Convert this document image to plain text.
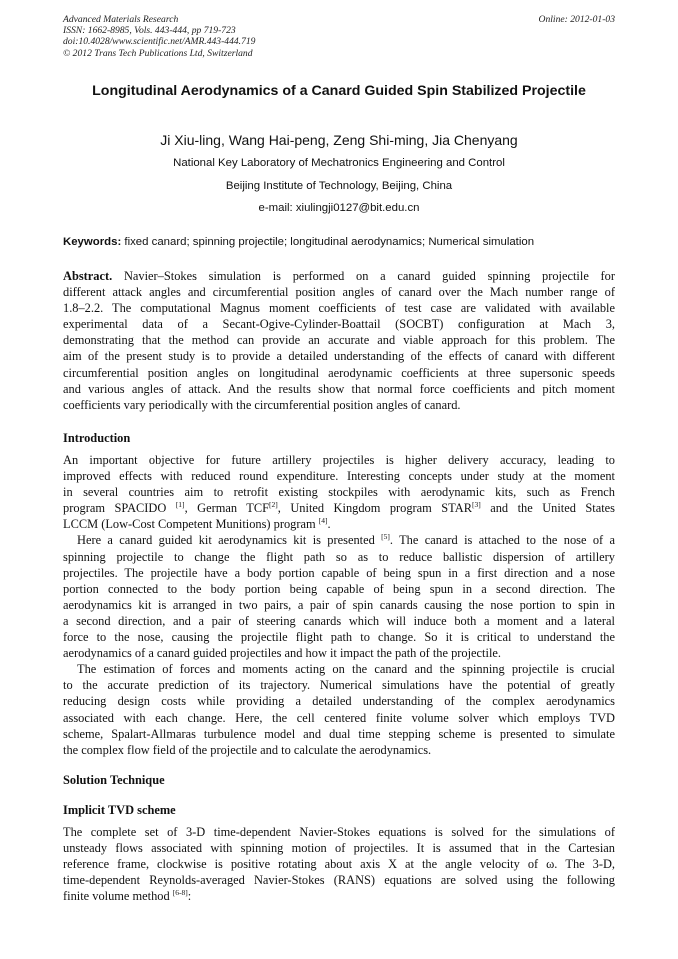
Advanced Materials Research
ISSN: 1662-8985, Vols. 443-444, pp 719-723
doi:10.4028/www.scientific.net/AMR.443-444.719
© 2012 Trans Tech Publications Ltd, Switzerland
Online: 2012-01-03
Longitudinal Aerodynamics of a Canard Guided Spin Stabilized Projectile
Ji Xiu-ling, Wang Hai-peng, Zeng Shi-ming, Jia Chenyang
National Key Laboratory of Mechatronics Engineering and Control
Beijing Institute of Technology, Beijing, China
e-mail: xiulingji0127@bit.edu.cn
Keywords: fixed canard; spinning projectile; longitudinal aerodynamics; Numerical simulation
Abstract. Navier–Stokes simulation is performed on a canard guided spinning projectile for
different attack angles and circumferential position angles of canard over the Mach number range of
1.8–2.2. The computational Magnus moment coefficients of test case are validated with available
experimental data of a Secant-Ogive-Cylinder-Boattail (SOCBT) configuration at Mach 3,
demonstrating that the method can provide an accurate and viable approach for this problem. The
aim of the present study is to provide a detailed understanding of the effects of canard with different
circumferential position angles on longitudinal aerodynamic coefficients at three supersonic speeds
and various angles of attack. And the results show that normal force coefficients and pitch moment
coefficients vary periodically with the circumferential position angles of canard.
Introduction
An important objective for future artillery projectiles is higher delivery accuracy, leading to
improved effects with reduced round expenditure. Interesting concepts under study at the moment
in several countries aim to retrofit existing stockpiles with aerodynamic kits, such as French
program SPACIDO [1], German TCF[2], United Kingdom program STAR[3] and the United States
LCCM (Low-Cost Competent Munitions) program [4].
Here a canard guided kit aerodynamics kit is presented [5]. The canard is attached to the nose of a
spinning projectile to change the flight path so as to reduce ballistic dispersion of artillery
projectiles. The projectile have a body portion capable of being spun in a first direction and a nose
portion connected to the body portion being capable of being spun in a second direction. The
aerodynamics kit is arranged in two pairs, a pair of spin canards causing the nose portion to spin in
a second direction, and a pair of steering canards which will induce both a moment and a lateral
force to the nose, causing the projectile flight path to change. So it is critical to understand the
aerodynamics of a canard guided projectiles and how it impact the path of the projectile.
The estimation of forces and moments acting on the canard and the spinning projectile is crucial
to the accurate prediction of its trajectory. Numerical simulations have the potential of greatly
reducing design costs while providing a detailed understanding of the complex aerodynamics
associated with each change. Here, the cell centered finite volume solver which employs TVD
scheme, Spalart-Allmaras turbulence model and dual time stepping scheme is presented to simulate
the complex flow field of the projectile and to calculate the aerodynamics.
Solution Technique
Implicit TVD scheme
The complete set of 3-D time-dependent Navier-Stokes equations is solved for the simulations of
unsteady flows associated with spinning motion of projectiles. It is assumed that in the Cartesian
reference frame, clockwise is positive rotating about axis X at the angle velocity of ω. The 3-D,
time-dependent Reynolds-averaged Navier-Stokes (RANS) equations are solved using the following
finite volume method [6-8]:
